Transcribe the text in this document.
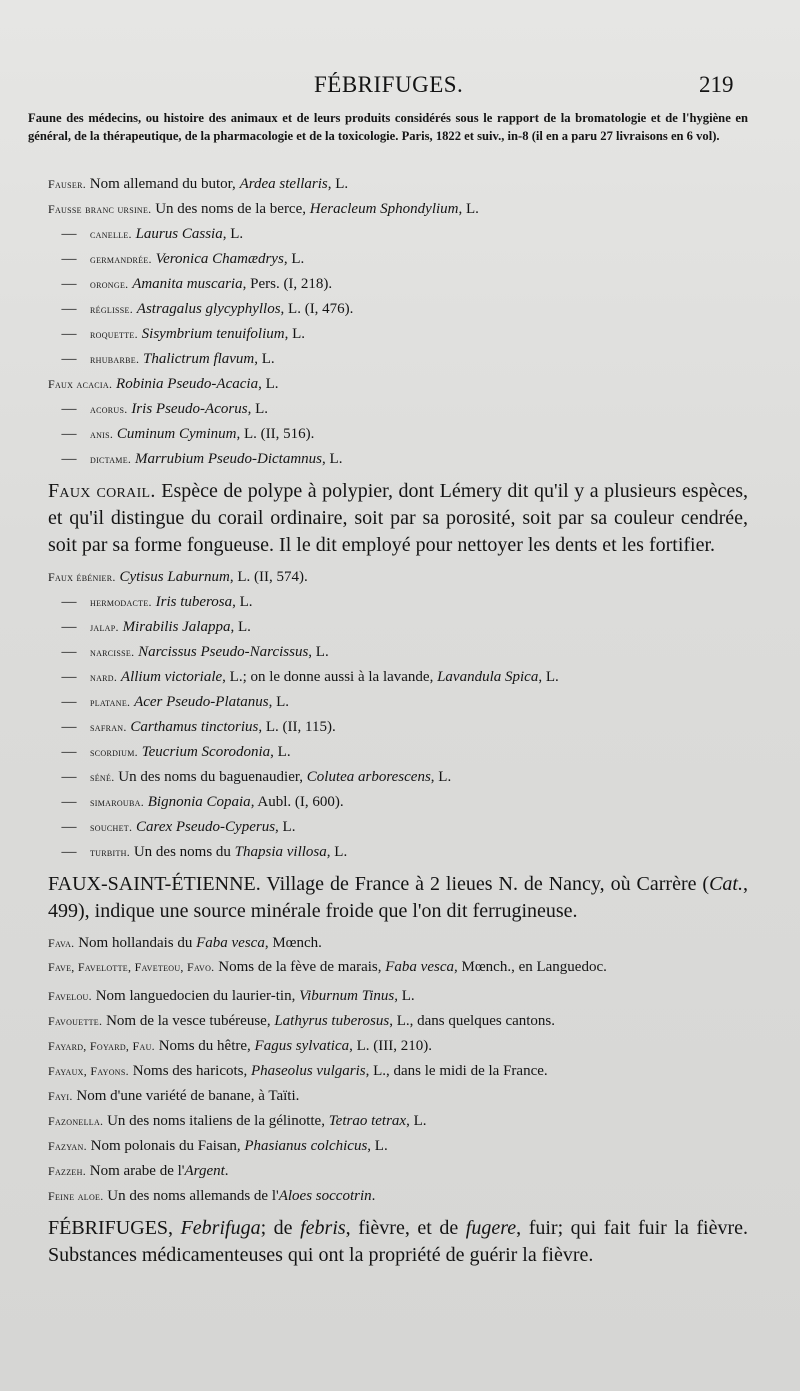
FÉBRIFUGES.	219
Faune des médecins, ou histoire des animaux et de leurs produits considérés sous le rapport de la bromatologie et de l'hygiène en général, de la thérapeutique, de la pharmacologie et de la toxicologie. Paris, 1822 et suiv., in-8 (il en a paru 27 livraisons en 6 vol).
Fauser. Nom allemand du butor, Ardea stellaris, L.
Fausse branc ursine. Un des noms de la berce, Heracleum Sphondylium, L.
— canelle. Laurus Cassia, L.
— germandrée. Veronica Chamædrys, L.
— oronge. Amanita muscaria, Pers. (I, 218).
— réglisse. Astragalus glycyphyllos, L. (I, 476).
— roquette. Sisymbrium tenuifolium, L.
— rhubarbe. Thalictrum flavum, L.
Faux acacia. Robinia Pseudo-Acacia, L.
— acorus. Iris Pseudo-Acorus, L.
— anis. Cuminum Cyminum, L. (II, 516).
— dictame. Marrubium Pseudo-Dictamnus, L.
Faux corail. Espèce de polype à polypier, dont Lémery dit qu'il y a plusieurs espèces, et qu'il distingue du corail ordinaire, soit par sa porosité, soit par sa couleur cendrée, soit par sa forme fongueuse. Il le dit employé pour nettoyer les dents et les fortifier.
Faux ébénier. Cytisus Laburnum, L. (II, 574).
— hermodacte. Iris tuberosa, L.
— jalap. Mirabilis Jalappa, L.
— narcisse. Narcissus Pseudo-Narcissus, L.
— nard. Allium victoriale, L.; on le donne aussi à la lavande, Lavandula Spica, L.
— platane. Acer Pseudo-Platanus, L.
— safran. Carthamus tinctorius, L. (II, 115).
— scordium. Teucrium Scorodonia, L.
— séné. Un des noms du baguenaudier, Colutea arborescens, L.
— simarouba. Bignonia Copaia, Aubl. (I, 600).
— souchet. Carex Pseudo-Cyperus, L.
— turbith. Un des noms du Thapsia villosa, L.
FAUX-SAINT-ÉTIENNE. Village de France à 2 lieues N. de Nancy, où Carrère (Cat., 499), indique une source minérale froide que l'on dit ferrugineuse.
Fava. Nom hollandais du Faba vesca, Mœnch.
Fave, Favelotte, Faveteou, Favo. Noms de la fève de marais, Faba vesca, Mœnch., en Languedoc.
Favelou. Nom languedocien du laurier-tin, Viburnum Tinus, L.
Favouette. Nom de la vesce tubéreuse, Lathyrus tuberosus, L., dans quelques cantons.
Fayard, Foyard, Fau. Noms du hêtre, Fagus sylvatica, L. (III, 210).
Fayaux, Fayons. Noms des haricots, Phaseolus vulgaris, L., dans le midi de la France.
Fayi. Nom d'une variété de banane, à Taïti.
Fazonella. Un des noms italiens de la gélinotte, Tetrao tetrax, L.
Fazyan. Nom polonais du Faisan, Phasianus colchicus, L.
Fazzeh. Nom arabe de l'Argent.
Feine aloe. Un des noms allemands de l'Aloes soccotrin.
FÉBRIFUGES, Febrifuga; de febris, fièvre, et de fugere, fuir; qui fait fuir la fièvre. Substances médicamenteuses qui ont la propriété de guérir la fièvre.
